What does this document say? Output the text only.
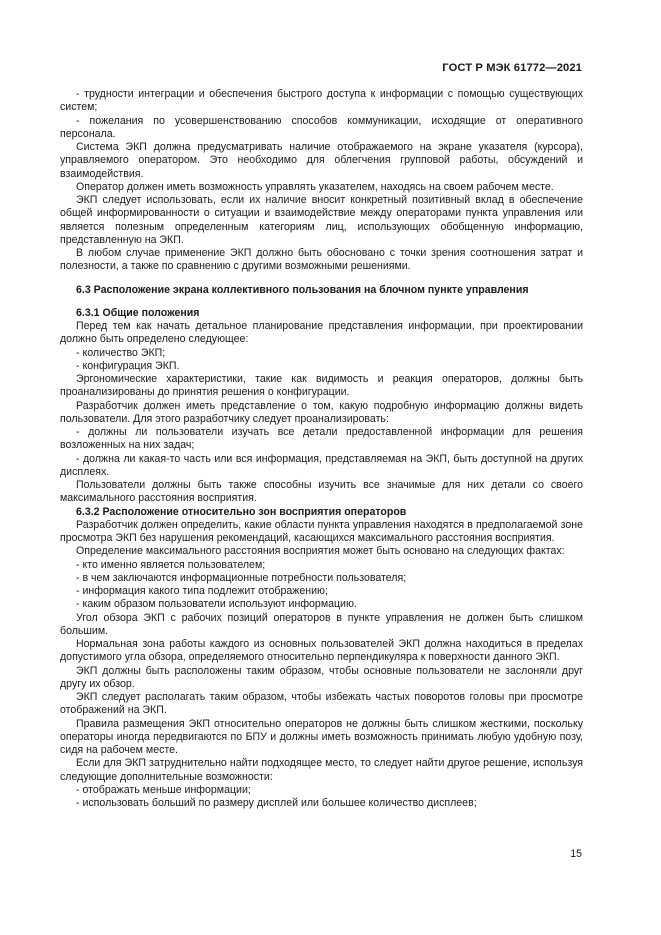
ГОСТ Р МЭК 61772—2021

- трудности интеграции и обеспечения быстрого доступа к информации с помощью существующих систем;

- пожелания по усовершенствованию способов коммуникации, исходящие от оперативного персонала.

Система ЭКП должна предусматривать наличие отображаемого на экране указателя (курсора), управляемого оператором. Это необходимо для облегчения групповой работы, обсуждений и взаимодействия.

Оператор должен иметь возможность управлять указателем, находясь на своем рабочем месте.

ЭКП следует использовать, если их наличие вносит конкретный позитивный вклад в обеспечение общей информированности о ситуации и взаимодействие между операторами пункта управления или является полезным определенным категориям лиц, использующих обобщенную информацию, представленную на ЭКП.

В любом случае применение ЭКП должно быть обосновано с точки зрения соотношения затрат и полезности, а также по сравнению с другими возможными решениями.

6.3 Расположение экрана коллективного пользования на блочном пункте управления
6.3.1 Общие положения

Перед тем как начать детальное планирование представления информации, при проектировании должно быть определено следующее:

- количество ЭКП;

- конфигурация ЭКП.

Эргономические характеристики, такие как видимость и реакция операторов, должны быть проанализированы до принятия решения о конфигурации.

Разработчик должен иметь представление о том, какую подробную информацию должны видеть пользователи. Для этого разработчику следует проанализировать:

- должны ли пользователи изучать все детали предоставленной информации для решения возложенных на них задач;

- должна ли какая-то часть или вся информация, представляемая на ЭКП, быть доступной на других дисплеях.

Пользователи должны быть также способны изучить все значимые для них детали со своего максимального расстояния восприятия.

6.3.2 Расположение относительно зон восприятия операторов

Разработчик должен определить, какие области пункта управления находятся в предполагаемой зоне просмотра ЭКП без нарушения рекомендаций, касающихся максимального расстояния восприятия.

Определение максимального расстояния восприятия может быть основано на следующих фактах:

- кто именно является пользователем;

- в чем заключаются информационные потребности пользователя;

- информация какого типа подлежит отображению;

- каким образом пользователи используют информацию.

Угол обзора ЭКП с рабочих позиций операторов в пункте управления не должен быть слишком большим.

Нормальная зона работы каждого из основных пользователей ЭКП должна находиться в пределах допустимого угла обзора, определяемого относительно перпендикуляра к поверхности данного ЭКП.

ЭКП должны быть расположены таким образом, чтобы основные пользователи не заслоняли друг другу их обзор.

ЭКП следует располагать таким образом, чтобы избежать частых поворотов головы при просмотре отображений на ЭКП.

Правила размещения ЭКП относительно операторов не должны быть слишком жесткими, поскольку операторы иногда передвигаются по БПУ и должны иметь возможность принимать любую удобную позу, сидя на рабочем месте.

Если для ЭКП затруднительно найти подходящее место, то следует найти другое решение, используя следующие дополнительные возможности:

- отображать меньше информации;

- использовать больший по размеру дисплей или большее количество дисплеев;

15
